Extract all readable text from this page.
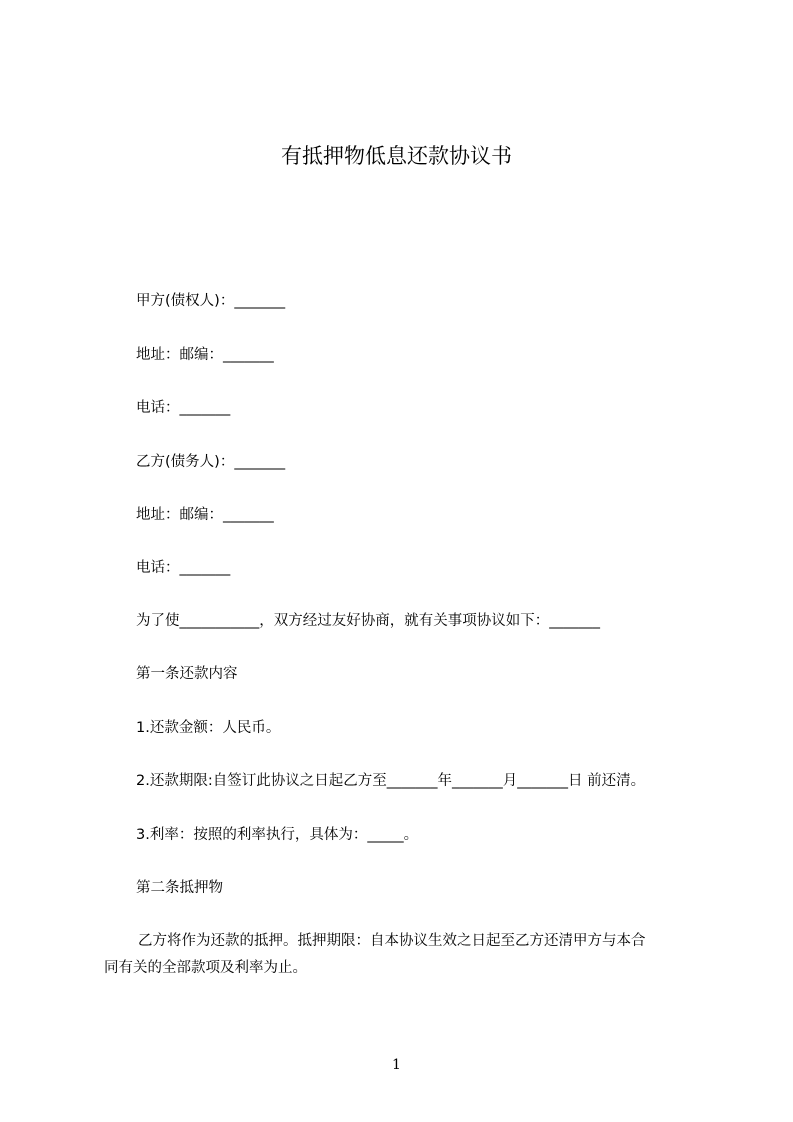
有抵押物低息还款协议书
甲方(债权人)：_______
地址：邮编：_______
电话：_______
乙方(债务人)：_______
地址：邮编：_______
电话：_______
为了使___________，双方经过友好协商，就有关事项协议如下：_______
第一条还款内容
1.还款金额：人民币。
2.还款期限:自签订此协议之日起乙方至_______年_______月_______日 前还清。
3.利率：按照的利率执行，具体为：_____。
第二条抵押物
乙方将作为还款的抵押。抵押期限：自本协议生效之日起至乙方还清甲方与本合
同有关的全部款项及利率为止。
1
